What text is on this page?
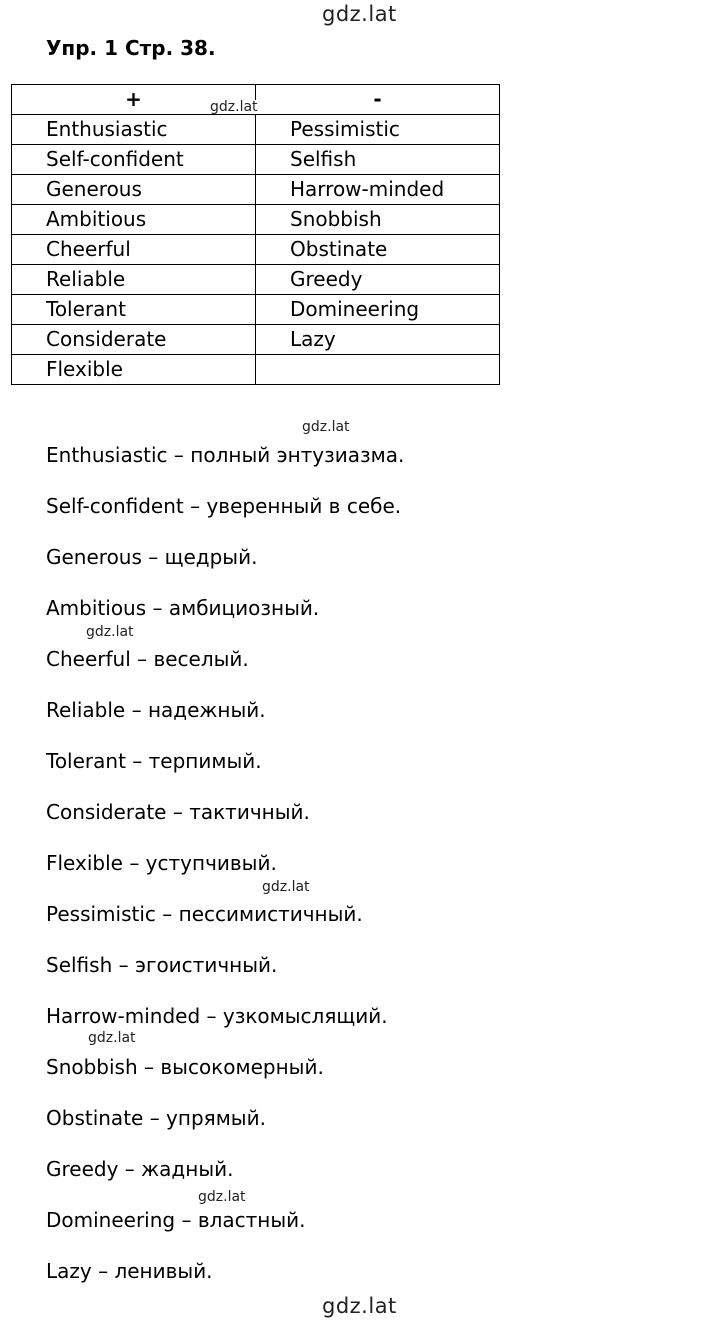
gdz.lat
Упр. 1 Стр. 38.
+	-
Enthusiastic	Pessimistic
Self-confident	Selfish
Generous	Harrow-minded
Ambitious	Snobbish
Cheerful	Obstinate
Reliable	Greedy
Tolerant	Domineering
Considerate	Lazy
Flexible	
gdz.lat
gdz.lat
Enthusiastic – полный энтузиазма.
Self-confident – уверенный в себе.
Generous – щедрый.
Ambitious – амбициозный.
Cheerful – веселый.
Reliable – надежный.
Tolerant – терпимый.
Considerate – тактичный.
Flexible – уступчивый.
Pessimistic – пессимистичный.
Selfish – эгоистичный.
Harrow-minded – узкомыслящий.
Snobbish – высокомерный.
Obstinate – упрямый.
Greedy – жадный.
Domineering – властный.
Lazy – ленивый.
gdz.lat
gdz.lat
gdz.lat
gdz.lat
gdz.lat
